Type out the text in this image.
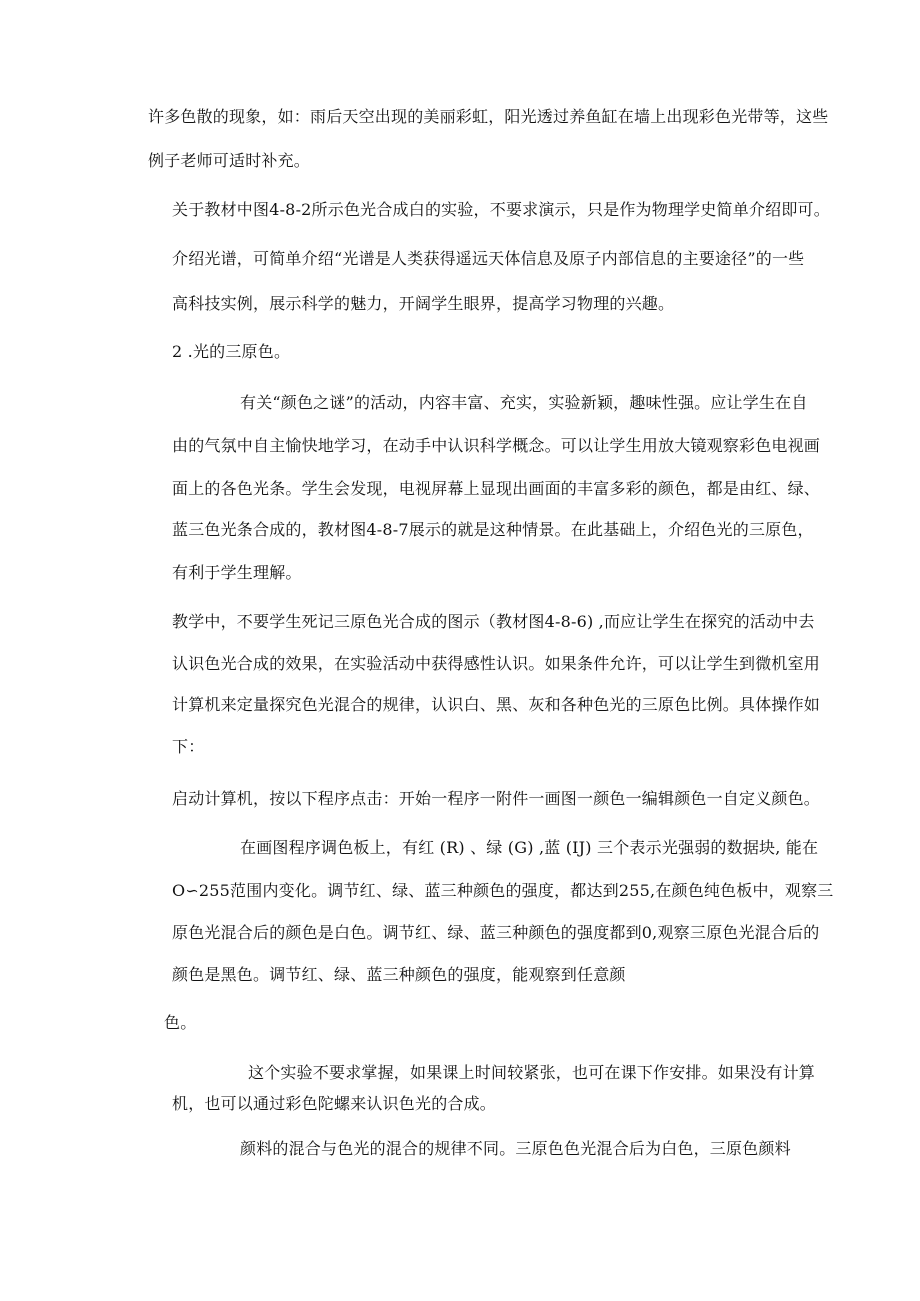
许多色散的现象，如：雨后天空出现的美丽彩虹，阳光透过养鱼缸在墙上出现彩色光带等，这些
例子老师可适时补充。
关于教材中图4-8-2所示色光合成白的实验，不要求演示，只是作为物理学史简单介绍即可。
介绍光谱，可简单介绍“光谱是人类获得遥远天体信息及原子内部信息的主要途径”的一些
高科技实例，展示科学的魅力，开阔学生眼界，提高学习物理的兴趣。
2 .光的三原色。
有关“颜色之谜”的活动，内容丰富、充实，实验新颖，趣味性强。应让学生在自
由的气氛中自主愉快地学习，在动手中认识科学概念。可以让学生用放大镜观察彩色电视画
面上的各色光条。学生会发现，电视屏幕上显现出画面的丰富多彩的颜色，都是由红、绿、
蓝三色光条合成的，教材图4-8-7展示的就是这种情景。在此基础上，介绍色光的三原色，
有利于学生理解。
教学中，不要学生死记三原色光合成的图示（教材图4-8-6) ,而应让学生在探究的活动中去
认识色光合成的效果，在实验活动中获得感性认识。如果条件允许，可以让学生到微机室用
计算机来定量探究色光混合的规律，认识白、黑、灰和各种色光的三原色比例。具体操作如
下：
启动计算机，按以下程序点击：开始一程序一附件一画图一颜色一编辑颜色一自定义颜色。
在画图程序调色板上，有红 (R) 、绿 (G) ,蓝 (IJ) 三个表示光强弱的数据块, 能在
O∽255范围内变化。调节红、绿、蓝三种颜色的强度，都达到255,在颜色纯色板中，观察三
原色光混合后的颜色是白色。调节红、绿、蓝三种颜色的强度都到0,观察三原色光混合后的
颜色是黑色。调节红、绿、蓝三种颜色的强度，能观察到任意颜
色。
这个实验不要求掌握，如果课上时间较紧张，也可在课下作安排。如果没有计算
机，也可以通过彩色陀螺来认识色光的合成。
颜料的混合与色光的混合的规律不同。三原色色光混合后为白色，三原色颜料
